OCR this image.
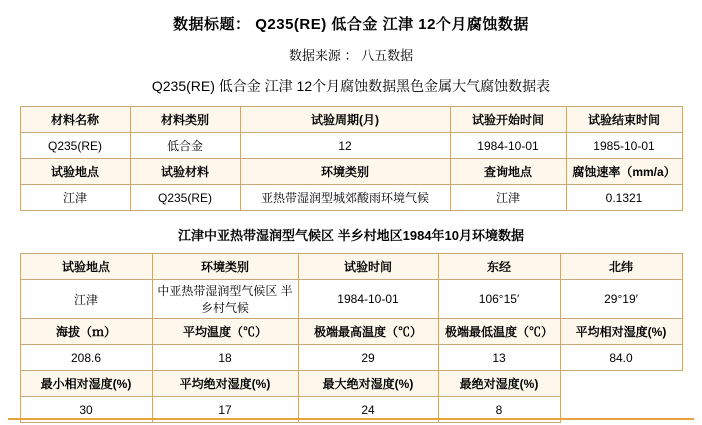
数据标题： Q235(RE) 低合金 江津 12个月腐蚀数据
数据来源 ： 八五数据
Q235(RE) 低合金 江津 12个月腐蚀数据黑色金属大气腐蚀数据表
材料名称	材料类别	试验周期(月)	试验开始时间	试验结束时间
Q235(RE)	低合金	12	1984-10-01	1985-10-01
试验地点	试验材料	环境类别	查询地点	腐蚀速率（mm/a）
江津	Q235(RE)	亚热带湿润型城郊酸雨环境气候	江津	0.1321
江津中亚热带湿润型气候区 半乡村地区1984年10月环境数据
试验地点	环境类别	试验时间	东经	北纬
江津	中亚热带湿润型气候区 半乡村气候	1984-10-01	106°15′	29°19′
海拔（ｍ）	平均温度（℃）	极端最高温度（℃）	极端最低温度（℃）	平均相对湿度(%)
208.6	18	29	13	84.0
最小相对湿度(%)	平均绝对湿度(%)	最大绝对湿度(%)	最绝对湿度(%)	
30	17	24	8	
